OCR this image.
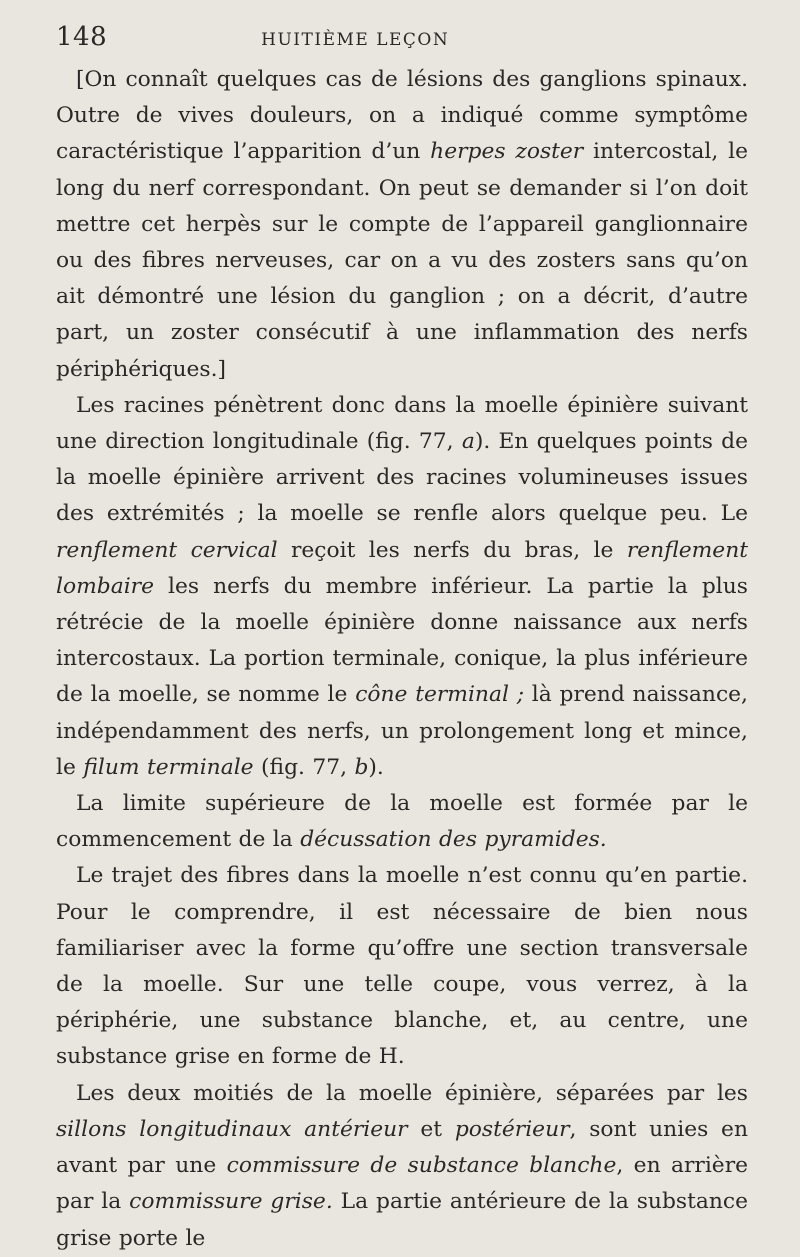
148	HUITIÈME LEÇON

[On connaît quelques cas de lésions des ganglions spinaux. Outre de vives douleurs, on a indiqué comme symptôme caractéristique l’apparition d’un herpes zoster intercostal, le long du nerf correspondant. On peut se demander si l’on doit mettre cet herpès sur le compte de l’appareil ganglionnaire ou des fibres nerveuses, car on a vu des zosters sans qu’on ait démontré une lésion du ganglion ; on a décrit, d’autre part, un zoster consécutif à une inflammation des nerfs périphériques.]

Les racines pénètrent donc dans la moelle épinière suivant une direction longitudinale (fig. 77, a). En quelques points de la moelle épinière arrivent des racines volumineuses issues des extrémités ; la moelle se renfle alors quelque peu. Le renflement cervical reçoit les nerfs du bras, le renflement lombaire les nerfs du membre inférieur. La partie la plus rétrécie de la moelle épinière donne naissance aux nerfs intercostaux. La portion terminale, conique, la plus inférieure de la moelle, se nomme le cône terminal ; là prend naissance, indépendamment des nerfs, un prolongement long et mince, le filum terminale (fig. 77, b).

La limite supérieure de la moelle est formée par le commencement de la décussation des pyramides.

Le trajet des fibres dans la moelle n’est connu qu’en partie. Pour le comprendre, il est nécessaire de bien nous familiariser avec la forme qu’offre une section transversale de la moelle. Sur une telle coupe, vous verrez, à la périphérie, une substance blanche, et, au centre, une substance grise en forme de H.

Les deux moitiés de la moelle épinière, séparées par les sillons longitudinaux antérieur et postérieur, sont unies en avant par une commissure de substance blanche, en arrière par la commissure grise. La partie antérieure de la substance grise porte le
